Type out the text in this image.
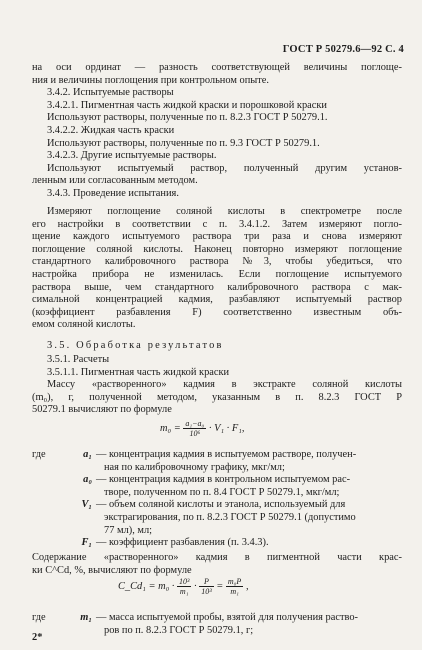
ГОСТ Р 50279.6—92 С. 4
на оси ординат — разность соответствующей величины поглоще-
ния и величины поглощения при контрольном опыте.
3.4.2. Испытуемые растворы
3.4.2.1. Пигментная часть жидкой краски и порошковой краски
Используют растворы, полученные по п. 8.2.3 ГОСТ Р 50279.1.
3.4.2.2. Жидкая часть краски
Используют растворы, полученные по п. 9.3 ГОСТ Р 50279.1.
3.4.2.3. Другие испытуемые растворы.
Используют испытуемый раствор, полученный другим установ-
ленным или согласованным методом.
3.4.3. Проведение испытания.
Измеряют поглощение соляной кислоты в спектрометре после
его настройки в соответствии с п. 3.4.1.2. Затем измеряют погло-
щение каждого испытуемого раствора три раза и снова измеряют
поглощение соляной кислоты. Наконец повторно измеряют поглощение
стандартного калибровочного раствора №3, чтобы убедиться, что
настройка прибора не изменилась. Если поглощение испытуемого
раствора выше, чем стандартного калибровочного раствора с мак-
симальной концентрацией кадмия, разбавляют испытуемый раствор
(коэффициент разбавления F) соответственно известным объ-
емом соляной кислоты.
3.5. Обработка результатов
3.5.1. Расчеты
3.5.1.1. Пигментная часть жидкой краски
Массу «растворенного» кадмия в экстракте соляной кислоты
(m₀), г, полученной методом, указанным в п. 8.2.3 ГОСТ Р
50279.1 вычисляют по формуле
$m_0 = \frac{\text{a₁−a₀}}{\text{10⁶}} \cdot V_1 \cdot F_1$,
где	a₁ — концентрация кадмия в испытуемом растворе, получен-
ная по калибровочному графику, мкг/мл;
a₀ — концентрация кадмия в контрольном испытуемом рас-
творе, полученном по п. 8.4 ГОСТ Р 50279.1, мкг/мл;
V₁ — объем соляной кислоты и этанола, используемый для
экстрагирования, по п. 8.2.3 ГОСТ Р 50279.1 (допустимо
77 мл), мл;
F₁ — коэффициент разбавления (п. 3.4.3).
Содержание «растворенного» кадмия в пигментной части крас-
ки C^Cd, %, вычисляют по формуле
C_Cd₁ = $m_0 \cdot \frac{\text{10³}}{\text{m₁}} \cdot \frac{P}{\text{10³}} = \frac{\text{m₀P}}{\text{m₁}}$ ,
где	m₁ — масса испытуемой пробы, взятой для получения раство-
ров по п. 8.2.3 ГОСТ Р 50279.1, г;
2*
